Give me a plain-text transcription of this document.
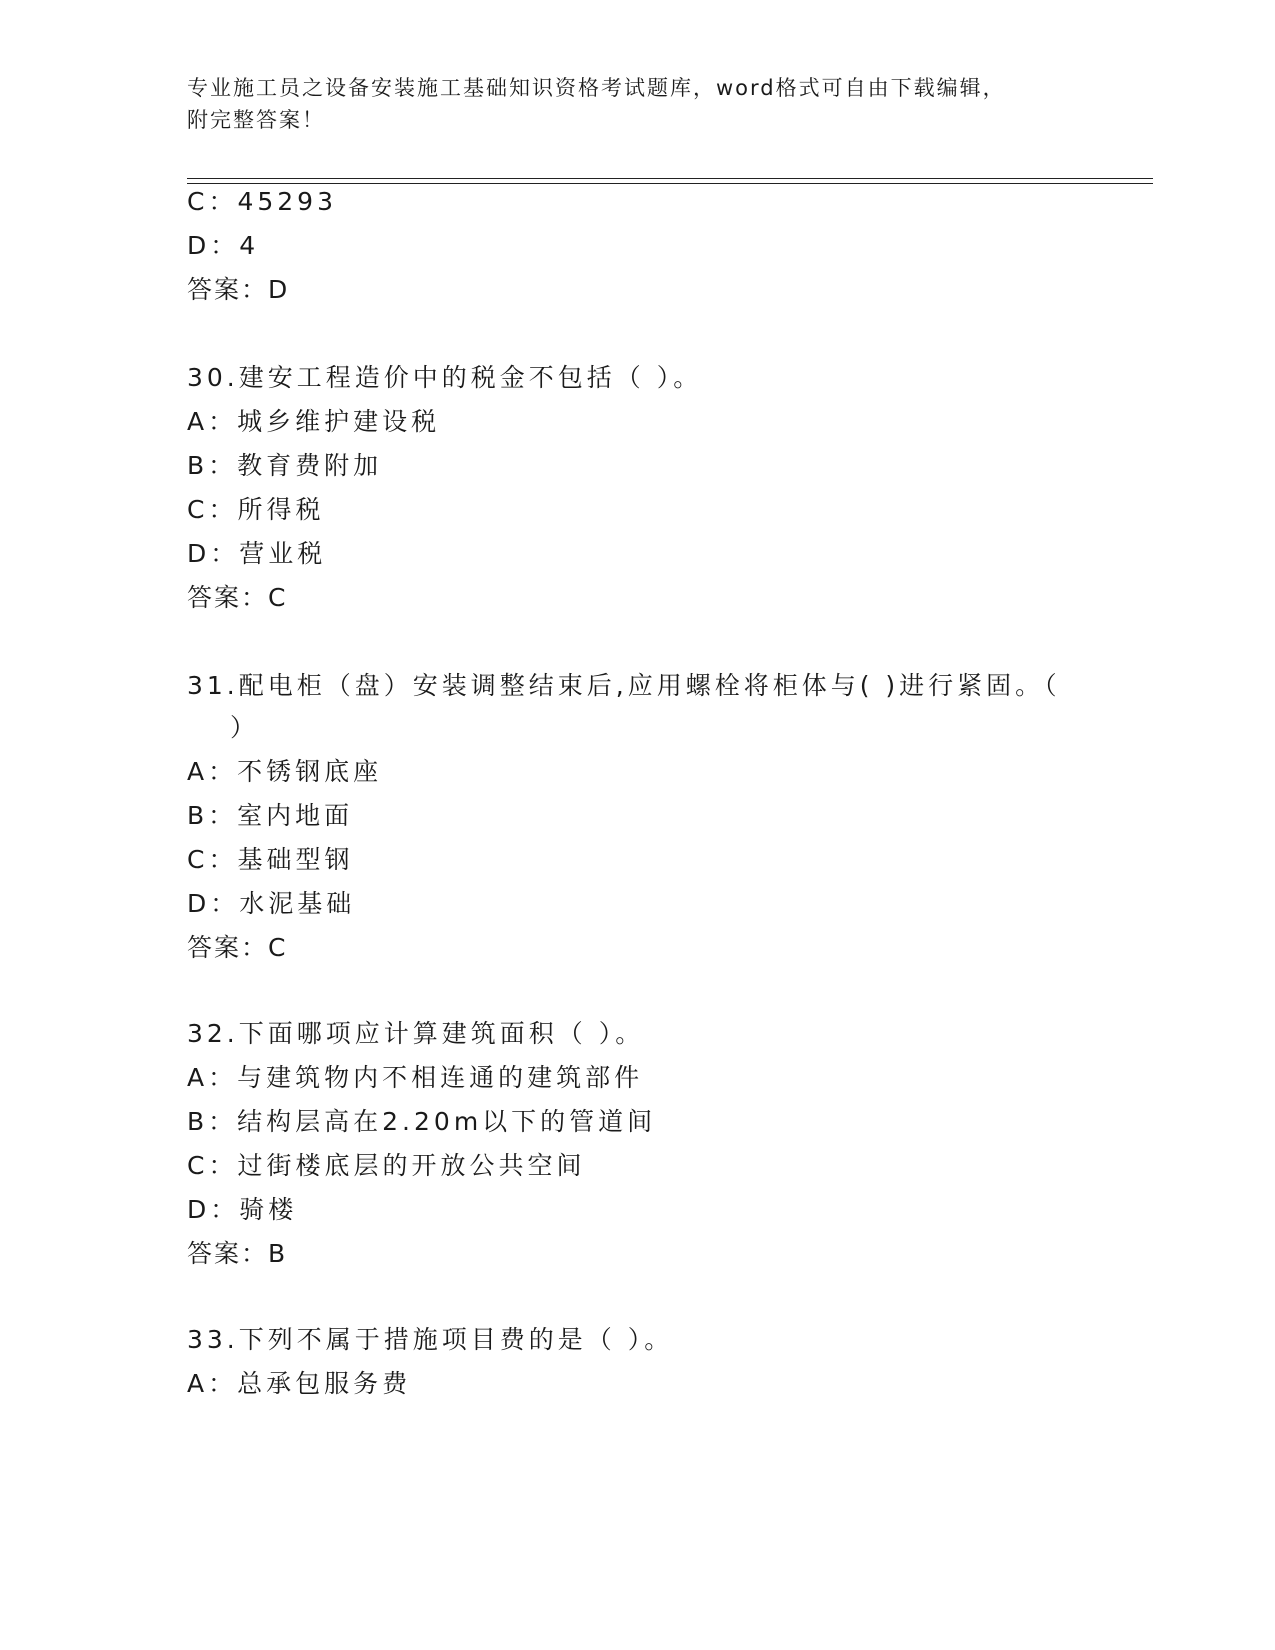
专业施工员之设备安装施工基础知识资格考试题库，word格式可自由下载编辑，
附完整答案！
C：45293
D：4
答案：D
30.建安工程造价中的税金不包括（ ）。
A：城乡维护建设税
B：教育费附加
C：所得税
D：营业税
答案：C
31.配电柜（盘）安装调整结束后,应用螺栓将柜体与( )进行紧固。（
）
A：不锈钢底座
B：室内地面
C：基础型钢
D：水泥基础
答案：C
32.下面哪项应计算建筑面积（ ）。
A：与建筑物内不相连通的建筑部件
B：结构层高在2.20m以下的管道间
C：过街楼底层的开放公共空间
D：骑楼
答案：B
33.下列不属于措施项目费的是（ ）。
A：总承包服务费
